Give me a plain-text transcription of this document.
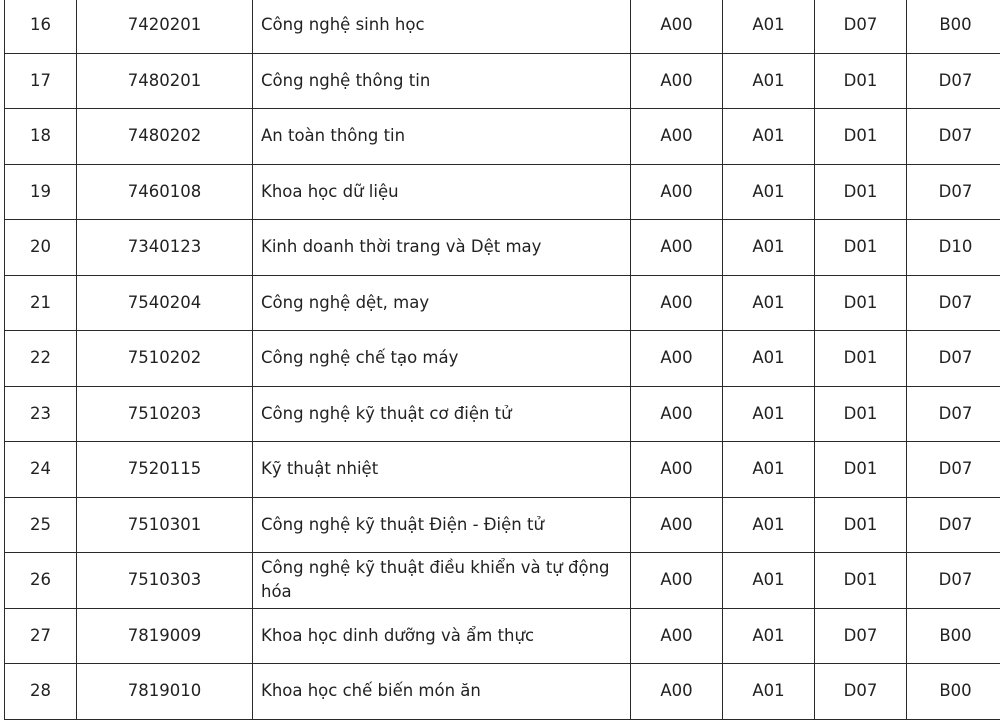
16	7420201	Công nghệ sinh học	A00	A01	D07	B00
17	7480201	Công nghệ thông tin	A00	A01	D01	D07
18	7480202	An toàn thông tin	A00	A01	D01	D07
19	7460108	Khoa học dữ liệu	A00	A01	D01	D07
20	7340123	Kinh doanh thời trang và Dệt may	A00	A01	D01	D10
21	7540204	Công nghệ dệt, may	A00	A01	D01	D07
22	7510202	Công nghệ chế tạo máy	A00	A01	D01	D07
23	7510203	Công nghệ kỹ thuật cơ điện tử	A00	A01	D01	D07
24	7520115	Kỹ thuật nhiệt	A00	A01	D01	D07
25	7510301	Công nghệ kỹ thuật Điện - Điện tử	A00	A01	D01	D07
26	7510303	Công nghệ kỹ thuật điều khiển và tự động hóa	A00	A01	D01	D07
27	7819009	Khoa học dinh dưỡng và ẩm thực	A00	A01	D07	B00
28	7819010	Khoa học chế biến món ăn	A00	A01	D07	B00
